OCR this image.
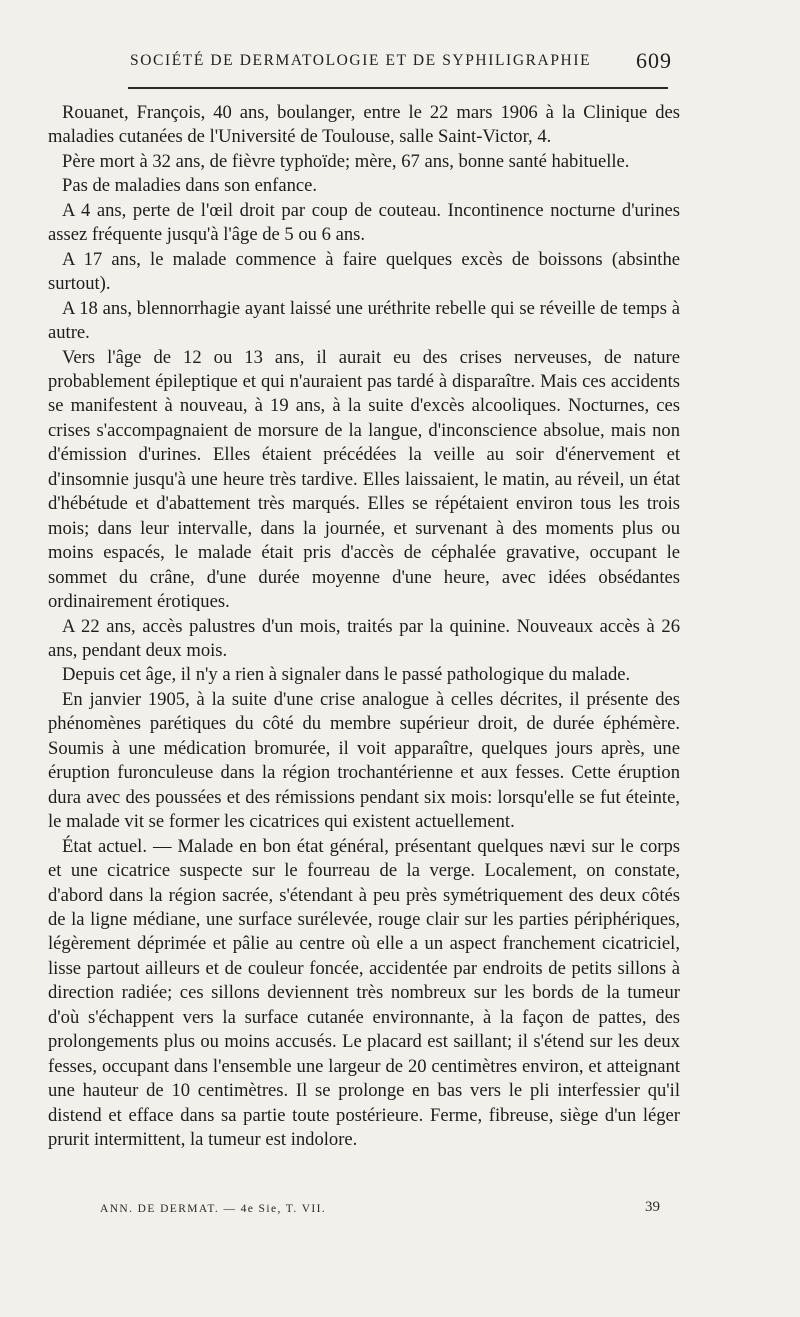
SOCIÉTÉ DE DERMATOLOGIE ET DE SYPHILIGRAPHIE 609

Rouanet, François, 40 ans, boulanger, entre le 22 mars 1906 à la Clinique des maladies cutanées de l'Université de Toulouse, salle Saint-Victor, 4.

Père mort à 32 ans, de fièvre typhoïde; mère, 67 ans, bonne santé habituelle.

Pas de maladies dans son enfance.

A 4 ans, perte de l'œil droit par coup de couteau. Incontinence nocturne d'urines assez fréquente jusqu'à l'âge de 5 ou 6 ans.

A 17 ans, le malade commence à faire quelques excès de boissons (absinthe surtout).

A 18 ans, blennorrhagie ayant laissé une uréthrite rebelle qui se réveille de temps à autre.

Vers l'âge de 12 ou 13 ans, il aurait eu des crises nerveuses, de nature probablement épileptique et qui n'auraient pas tardé à disparaître. Mais ces accidents se manifestent à nouveau, à 19 ans, à la suite d'excès alcooliques. Nocturnes, ces crises s'accompagnaient de morsure de la langue, d'inconscience absolue, mais non d'émission d'urines. Elles étaient précédées la veille au soir d'énervement et d'insomnie jusqu'à une heure très tardive. Elles laissaient, le matin, au réveil, un état d'hébétude et d'abattement très marqués. Elles se répétaient environ tous les trois mois; dans leur intervalle, dans la journée, et survenant à des moments plus ou moins espacés, le malade était pris d'accès de céphalée gravative, occupant le sommet du crâne, d'une durée moyenne d'une heure, avec idées obsédantes ordinairement érotiques.

A 22 ans, accès palustres d'un mois, traités par la quinine. Nouveaux accès à 26 ans, pendant deux mois.

Depuis cet âge, il n'y a rien à signaler dans le passé pathologique du malade.

En janvier 1905, à la suite d'une crise analogue à celles décrites, il présente des phénomènes parétiques du côté du membre supérieur droit, de durée éphémère. Soumis à une médication bromurée, il voit apparaître, quelques jours après, une éruption furonculeuse dans la région trochantérienne et aux fesses. Cette éruption dura avec des poussées et des rémissions pendant six mois: lorsqu'elle se fut éteinte, le malade vit se former les cicatrices qui existent actuellement.

État actuel. — Malade en bon état général, présentant quelques nævi sur le corps et une cicatrice suspecte sur le fourreau de la verge. Localement, on constate, d'abord dans la région sacrée, s'étendant à peu près symétriquement des deux côtés de la ligne médiane, une surface surélevée, rouge clair sur les parties périphériques, légèrement déprimée et pâlie au centre où elle a un aspect franchement cicatriciel, lisse partout ailleurs et de couleur foncée, accidentée par endroits de petits sillons à direction radiée; ces sillons deviennent très nombreux sur les bords de la tumeur d'où s'échappent vers la surface cutanée environnante, à la façon de pattes, des prolongements plus ou moins accusés. Le placard est saillant; il s'étend sur les deux fesses, occupant dans l'ensemble une largeur de 20 centimètres environ, et atteignant une hauteur de 10 centimètres. Il se prolonge en bas vers le pli interfessier qu'il distend et efface dans sa partie toute postérieure. Ferme, fibreuse, siège d'un léger prurit intermittent, la tumeur est indolore.

ANN. DE DERMAT. — 4e Sie, T. VII.	39
